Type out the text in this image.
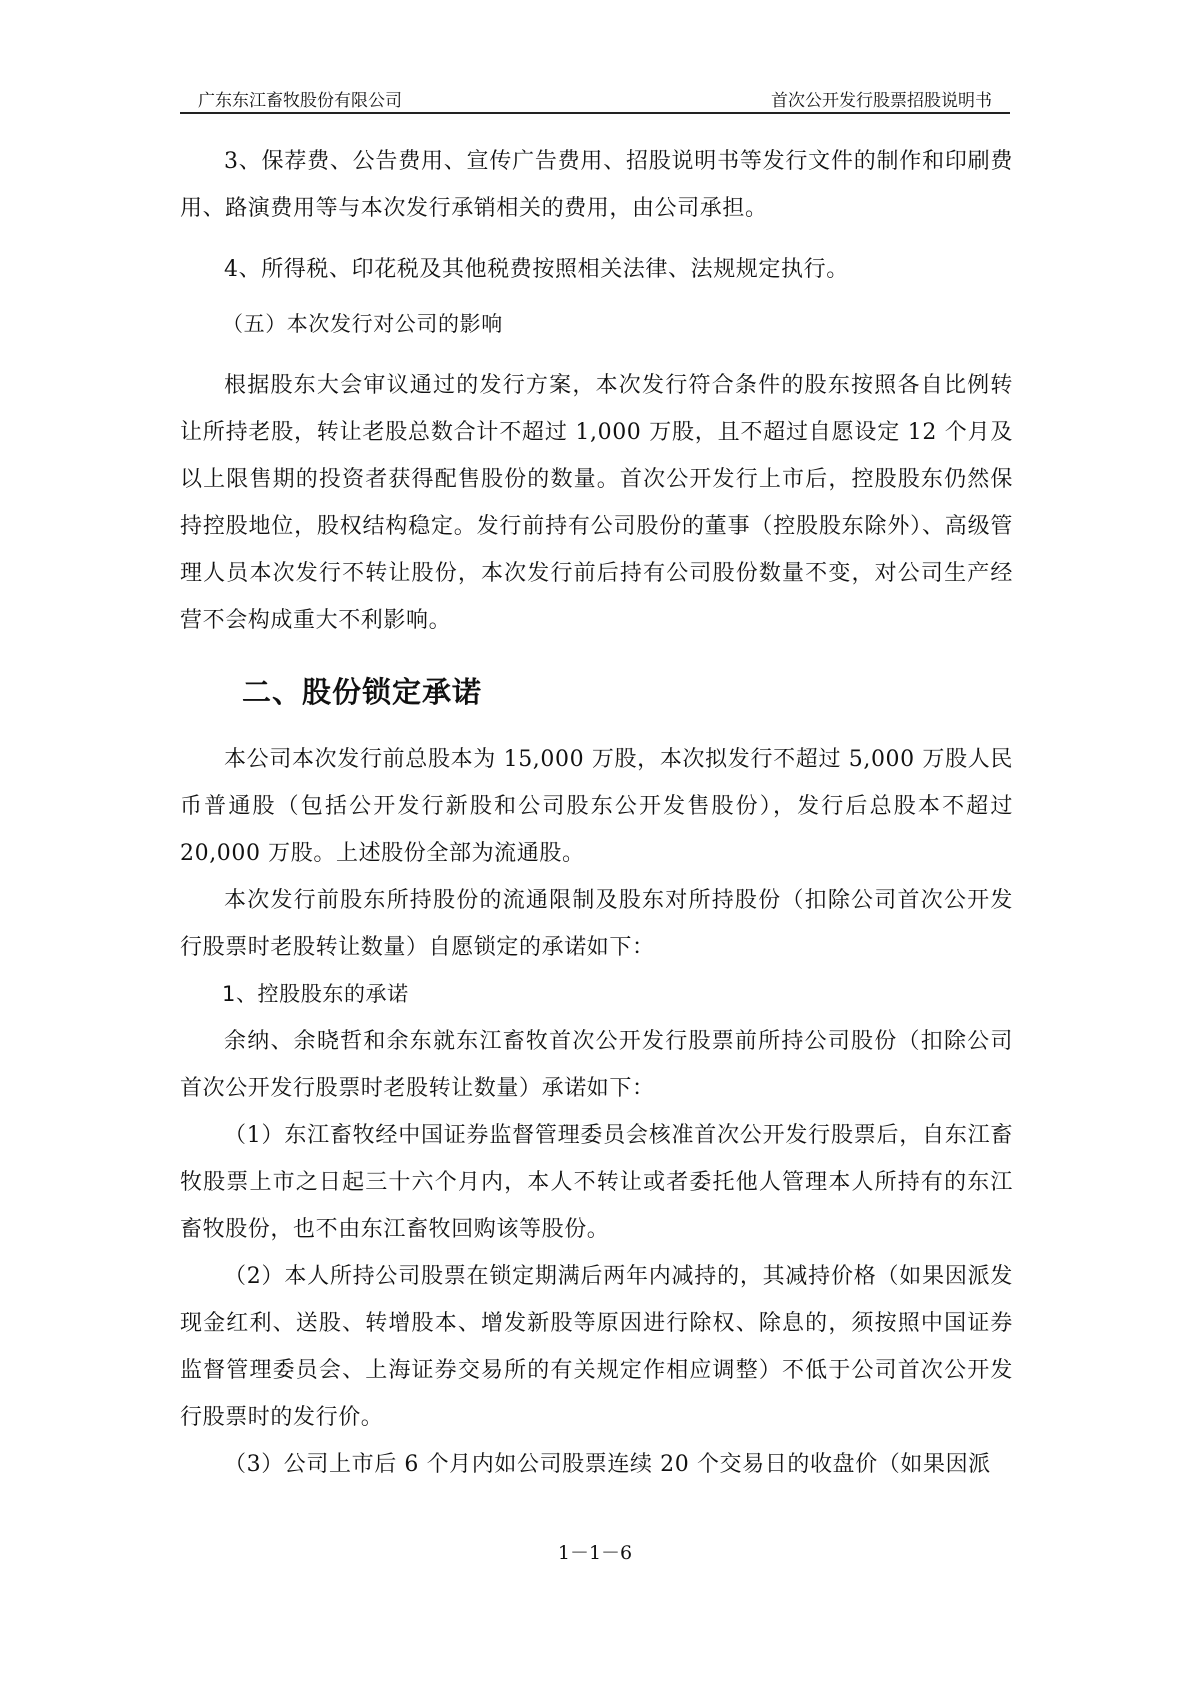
广东东江畜牧股份有限公司	首次公开发行股票招股说明书

3、保荐费、公告费用、宣传广告费用、招股说明书等发行文件的制作和印刷费用、路演费用等与本次发行承销相关的费用，由公司承担。

4、所得税、印花税及其他税费按照相关法律、法规规定执行。

（五）本次发行对公司的影响

根据股东大会审议通过的发行方案，本次发行符合条件的股东按照各自比例转让所持老股，转让老股总数合计不超过 1,000 万股，且不超过自愿设定 12 个月及以上限售期的投资者获得配售股份的数量。首次公开发行上市后，控股股东仍然保持控股地位，股权结构稳定。发行前持有公司股份的董事（控股股东除外）、高级管理人员本次发行不转让股份，本次发行前后持有公司股份数量不变，对公司生产经营不会构成重大不利影响。

二、股份锁定承诺

本公司本次发行前总股本为 15,000 万股，本次拟发行不超过 5,000 万股人民币普通股（包括公开发行新股和公司股东公开发售股份），发行后总股本不超过 20,000 万股。上述股份全部为流通股。

本次发行前股东所持股份的流通限制及股东对所持股份（扣除公司首次公开发行股票时老股转让数量）自愿锁定的承诺如下：

1、控股股东的承诺

余纳、余晓哲和余东就东江畜牧首次公开发行股票前所持公司股份（扣除公司首次公开发行股票时老股转让数量）承诺如下：

（1）东江畜牧经中国证券监督管理委员会核准首次公开发行股票后，自东江畜牧股票上市之日起三十六个月内，本人不转让或者委托他人管理本人所持有的东江畜牧股份，也不由东江畜牧回购该等股份。

（2）本人所持公司股票在锁定期满后两年内减持的，其减持价格（如果因派发现金红利、送股、转增股本、增发新股等原因进行除权、除息的，须按照中国证券监督管理委员会、上海证券交易所的有关规定作相应调整）不低于公司首次公开发行股票时的发行价。

（3）公司上市后 6 个月内如公司股票连续 20 个交易日的收盘价（如果因派

1－1－6
